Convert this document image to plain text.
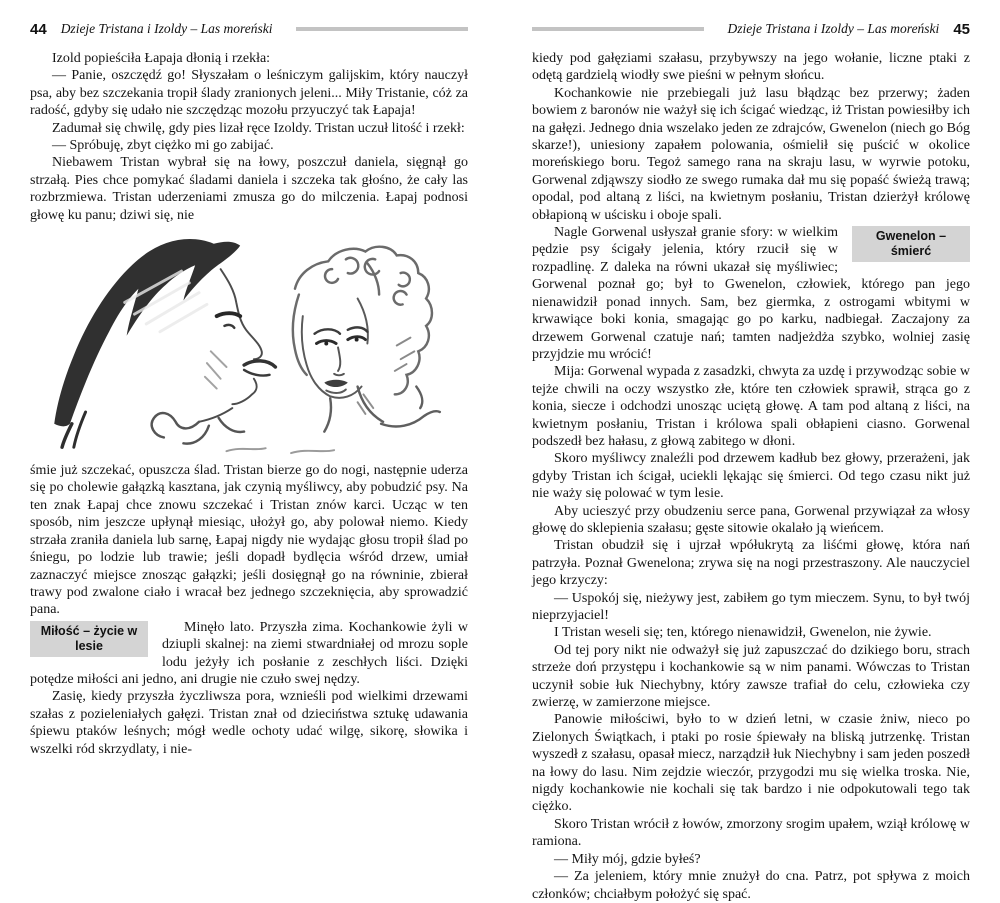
44 Dzieje Tristana i Izoldy – Las moreński

Izold popieściła Łapaja dłonią i rzekła:

— Panie, oszczędź go! Słyszałam o leśniczym galijskim, który nauczył psa, aby bez szczekania tropił ślady zranionych jeleni... Miły Tristanie, cóż za radość, gdyby się udało nie szczędząc mozołu przyuczyć tak Łapaja!

Zadumał się chwilę, gdy pies lizał ręce Izoldy. Tristan uczuł litość i rzekł:

— Spróbuję, zbyt ciężko mi go zabijać.

Niebawem Tristan wybrał się na łowy, poszczuł daniela, sięgnął go strzałą. Pies chce pomykać śladami daniela i szczeka tak głośno, że cały las rozbrzmiewa. Tristan uderzeniami zmusza go do milczenia. Łapaj podnosi głowę ku panu; dziwi się, nie

śmie już szczekać, opuszcza ślad. Tristan bierze go do nogi, następnie uderza się po cholewie gałązką kasztana, jak czynią myśliwcy, aby pobudzić psy. Na ten znak Łapaj chce znowu szczekać i Tristan znów karci. Ucząc w ten sposób, nim jeszcze upłynął miesiąc, ułożył go, aby polował niemo. Kiedy strzała zraniła daniela lub sarnę, Łapaj nigdy nie wydając głosu tropił ślad po śniegu, po lodzie lub trawie; jeśli dopadł bydlęcia wśród drzew, umiał zaznaczyć miejsce znosząc gałązki; jeśli dosięgnął go na równinie, zbierał trawy pod zwalone ciało i wracał bez jednego szczeknięcia, aby sprowadzić pana.

Miłość – życie w lesie
Minęło lato. Przyszła zima. Kochankowie żyli w dziupli skalnej: na ziemi stwardniałej od mrozu sople lodu jeżyły ich posłanie z zeschłych liści. Dzięki potędze miłości ani jedno, ani drugie nie czuło swej nędzy.

Zasię, kiedy przyszła życzliwsza pora, wznieśli pod wielkimi drzewami szałas z pozieleniałych gałęzi. Tristan znał od dzieciństwa sztukę udawania śpiewu ptaków leśnych; mógł wedle ochoty udać wilgę, sikorę, słowika i wszelki ród skrzydlaty, i nie-

Dzieje Tristana i Izoldy – Las moreński 45

kiedy pod gałęziami szałasu, przybywszy na jego wołanie, liczne ptaki z odętą gardzielą wiodły swe pieśni w pełnym słońcu.

Kochankowie nie przebiegali już lasu błądząc bez przerwy; żaden bowiem z baronów nie ważył się ich ścigać wiedząc, iż Tristan powiesiłby ich na gałęzi. Jednego dnia wszelako jeden ze zdrajców, Gwenelon (niech go Bóg skarze!), uniesiony zapałem polowania, ośmielił się puścić w okolice moreńskiego boru. Tegoż samego rana na skraju lasu, w wyrwie potoku, Gorwenal zdjąwszy siodło ze swego rumaka dał mu się popaść świeżą trawą; opodal, pod altaną z liści, na kwietnym posłaniu, Tristan dzierżył królowę obłapioną w uścisku i oboje spali.

Gwenelon – śmierć
Nagle Gorwenal usłyszał granie sfory: w wielkim pędzie psy ścigały jelenia, który rzucił się w rozpadlinę. Z daleka na równi ukazał się myśliwiec; Gorwenal poznał go; był to Gwenelon, człowiek, którego pan jego nienawidził ponad innych. Sam, bez giermka, z ostrogami wbitymi w krwawiące boki konia, smagając go po karku, nadbiegał. Zaczajony za drzewem Gorwenal czatuje nań; tamten nadjeżdża szybko, wolniej zasię przyjdzie mu wrócić!

Mija: Gorwenal wypada z zasadzki, chwyta za uzdę i przywodząc sobie w tejże chwili na oczy wszystko złe, które ten człowiek sprawił, strąca go z konia, siecze i odchodzi unosząc uciętą głowę. A tam pod altaną z liści, na kwietnym posłaniu, Tristan i królowa spali obłapieni ciasno. Gorwenal podszedł bez hałasu, z głową zabitego w dłoni.

Skoro myśliwcy znaleźli pod drzewem kadłub bez głowy, przerażeni, jak gdyby Tristan ich ścigał, uciekli lękając się śmierci. Od tego czasu nikt już nie waży się polować w tym lesie.

Aby ucieszyć przy obudzeniu serce pana, Gorwenal przywiązał za włosy głowę do sklepienia szałasu; gęste sitowie okalało ją wieńcem.

Tristan obudził się i ujrzał wpółukrytą za liśćmi głowę, która nań patrzyła. Poznał Gwenelona; zrywa się na nogi przestraszony. Ale nauczyciel jego krzyczy:

— Uspokój się, nieżywy jest, zabiłem go tym mieczem. Synu, to był twój nieprzyjaciel!

I Tristan weseli się; ten, którego nienawidził, Gwenelon, nie żywie.

Od tej pory nikt nie odważył się już zapuszczać do dzikiego boru, strach strzeże doń przystępu i kochankowie są w nim panami. Wówczas to Tristan uczynił sobie łuk Niechybny, który zawsze trafiał do celu, człowieka czy zwierzę, w zamierzone miejsce.

Panowie miłościwi, było to w dzień letni, w czasie żniw, nieco po Zielonych Świątkach, i ptaki po rosie śpiewały na bliską jutrzenkę. Tristan wyszedł z szałasu, opasał miecz, narządził łuk Niechybny i sam jeden poszedł na łowy do lasu. Nim zejdzie wieczór, przygodzi mu się wielka troska. Nie, nigdy kochankowie nie kochali się tak bardzo i nie odpokutowali tego tak ciężko.

Skoro Tristan wrócił z łowów, zmorzony srogim upałem, wziął królowę w ramiona.

— Miły mój, gdzie byłeś?

— Za jeleniem, który mnie znużył do cna. Patrz, pot spływa z moich członków; chciałbym położyć się spać.
